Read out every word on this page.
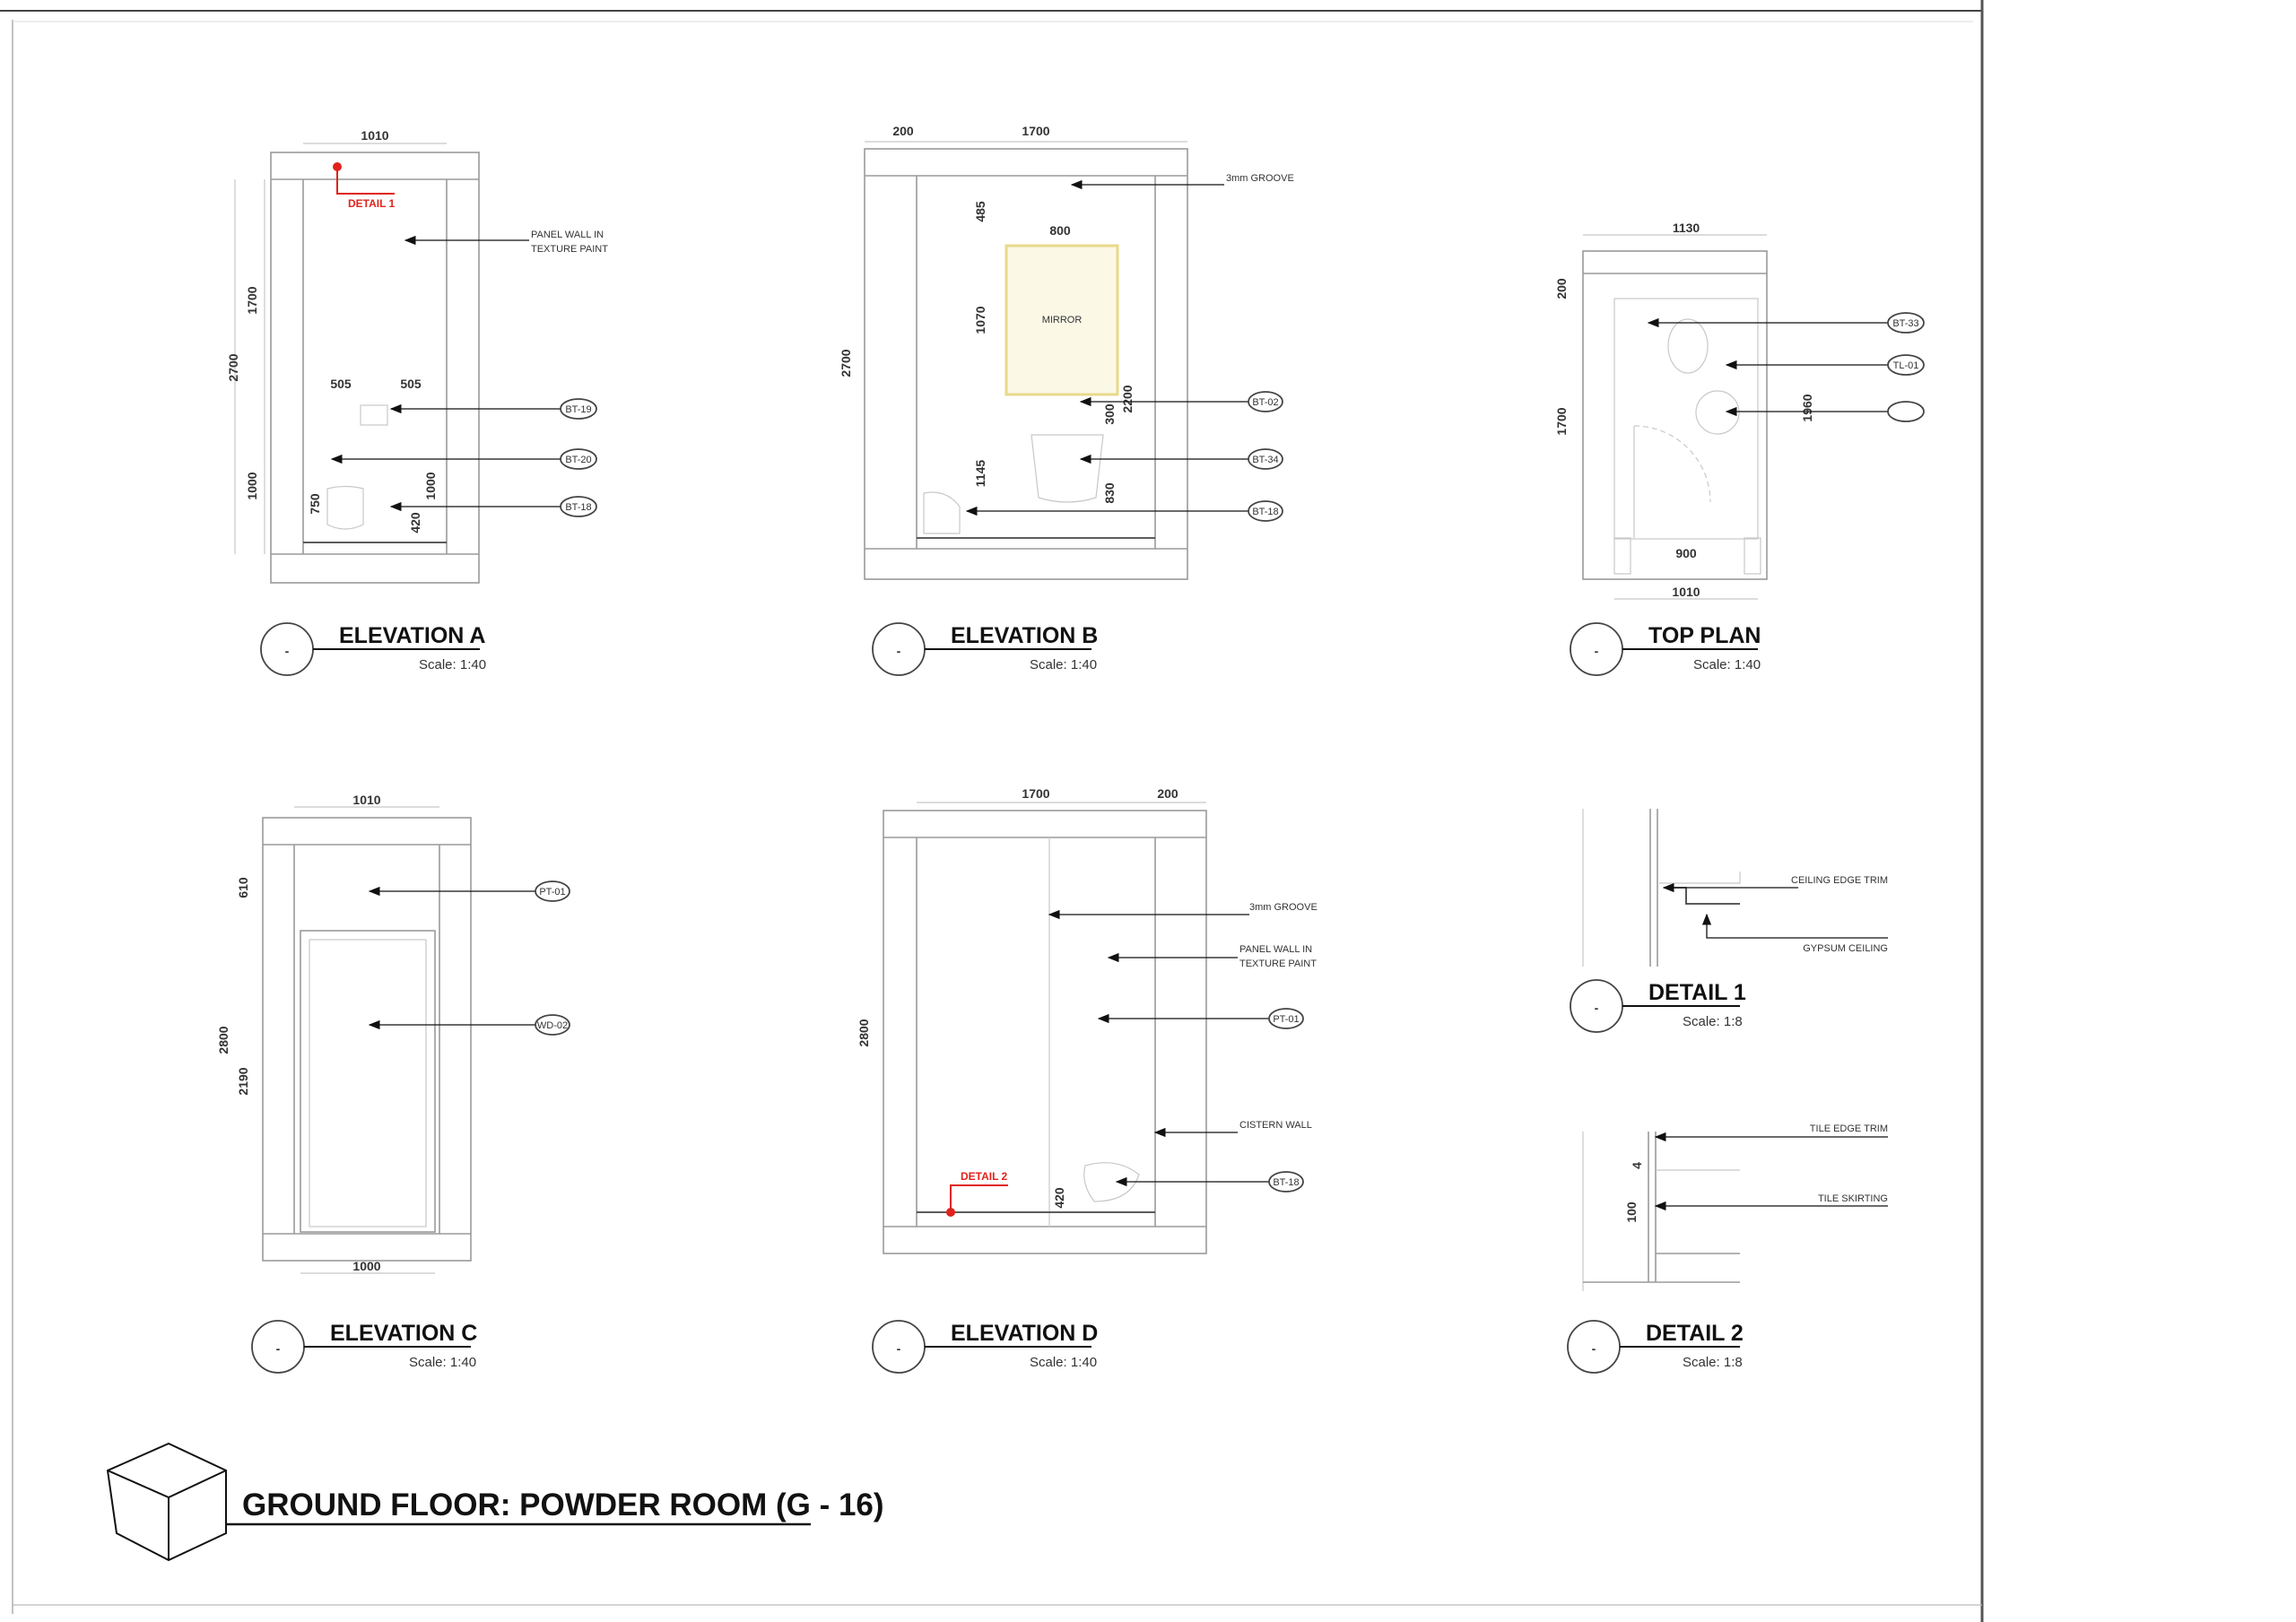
1010
1700
1000
2700
505	505
750
1000
420
DETAIL 1
PANEL WALL IN
TEXTURE PAINT
BT-19
BT-20
BT-18
-
ELEVATION A
Scale: 1:40
MIRROR
200	1700
485
800
1070
2700
300
2200
1145
830
3mm GROOVE
BT-02
BT-34
BT-18
-
ELEVATION B
Scale: 1:40
1130
200
1700	1960
900
1010
BT-33
TL-01
-
TOP PLAN
Scale: 1:40
1010
610
2800
2190
1000
PT-01
WD-02
-
ELEVATION C
Scale: 1:40
1700	200
2800
420
DETAIL 2
3mm GROOVE
PANEL WALL IN
TEXTURE PAINT
PT-01
CISTERN WALL
BT-18
-
ELEVATION D
Scale: 1:40
CEILING EDGE TRIM
GYPSUM CEILING
-
DETAIL 1
Scale: 1:8
TILE EDGE TRIM
TILE SKIRTING
4
100
-
DETAIL 2
Scale: 1:8
GROUND FLOOR: POWDER ROOM (G - 16)
